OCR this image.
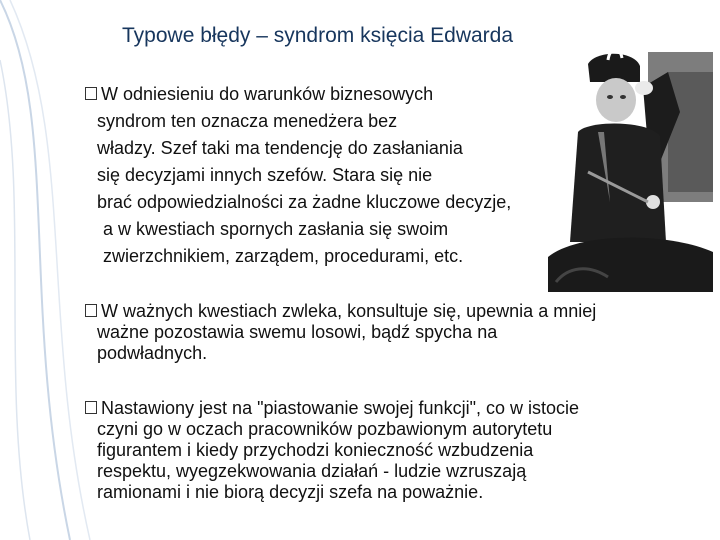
Typowe błędy – syndrom księcia Edwarda
W odniesieniu do warunków biznesowych
syndrom ten oznacza menedżera bez
władzy. Szef taki ma tendencję do zasłaniania
się decyzjami innych szefów. Stara się nie
brać odpowiedzialności za żadne kluczowe decyzje,
a w kwestiach spornych zasłania się swoim
zwierzchnikiem, zarządem, procedurami, etc.
W ważnych kwestiach zwleka, konsultuje się, upewnia a mniej
ważne pozostawia swemu losowi, bądź spycha na
podwładnych.
Nastawiony jest na "piastowanie swojej funkcji", co w istocie
czyni go w oczach pracowników pozbawionym autorytetu
figurantem i kiedy przychodzi konieczność wzbudzenia
respektu, wyegzekwowania działań - ludzie wzruszają
ramionami i nie biorą decyzji szefa na poważnie.
